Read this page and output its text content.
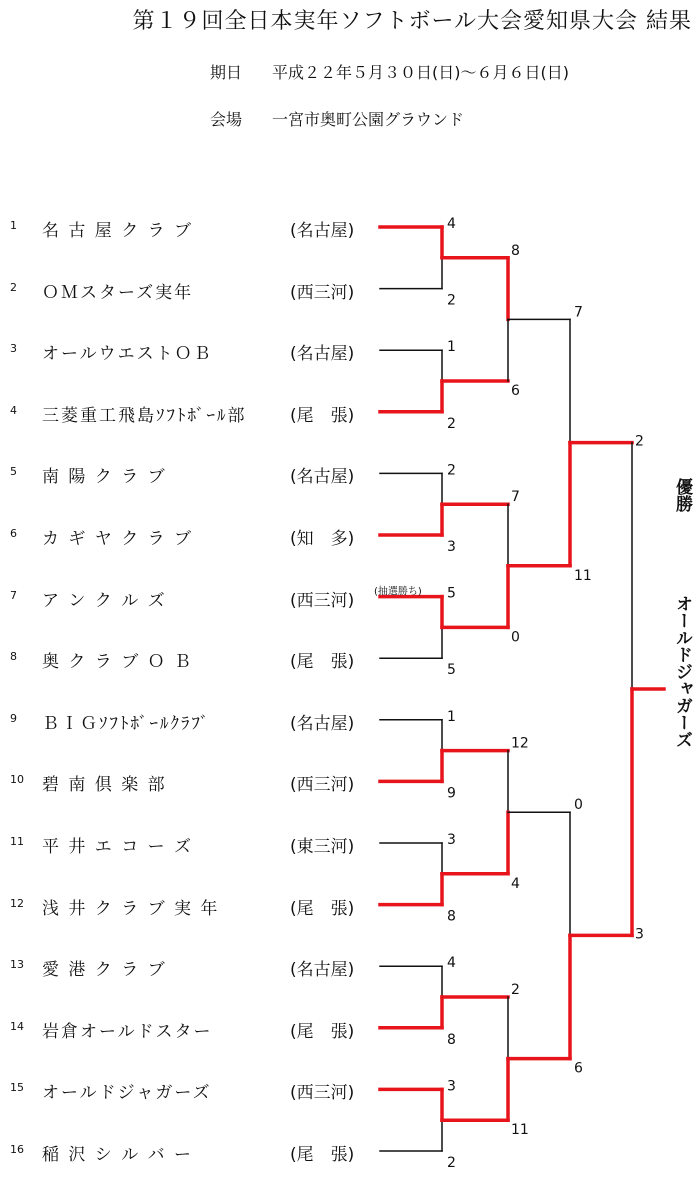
第１９回全日本実年ソフトボール大会愛知県大会 結果
期日 平成２２年５月３０日(日)～６月６日(日)
会場 一宮市奥町公園グラウンド
1	名 古 屋 ク ラ ブ	(名古屋)
2	ＯＭスターズ実年	(西三河)
3	オールウエストＯＢ	(名古屋)
4	三菱重工飛島ｿﾌﾄﾎﾞｰﾙ部	(尾　張)
5	南 陽 ク ラ ブ	(名古屋)
6	カ ギ ヤ ク ラ ブ	(知　多)
7	ア ン ク ル ズ	(西三河)
8	奥 ク ラ ブ Ｏ Ｂ	(尾　張)
9	ＢＩＧｿﾌﾄﾎﾞｰﾙｸﾗﾌﾞ	(名古屋)
10	碧 南 倶 楽 部	(西三河)
11	平 井 エ コ ー ズ	(東三河)
12	浅 井 ク ラ ブ 実 年	(尾　張)
13	愛 港 ク ラ ブ	(名古屋)
14	岩倉オールドスター	(尾　張)
15	オールドジャガーズ	(西三河)
16	稲 沢 シ ル バ ー	(尾　張)
4
2
1
2
2
3
5
5
1
9
3
8
4
8
3
2
(抽選勝ち)
8
6
7
0
12
4
2
11
7
11
0
6
2
3
優勝
オールドジャガーズ
